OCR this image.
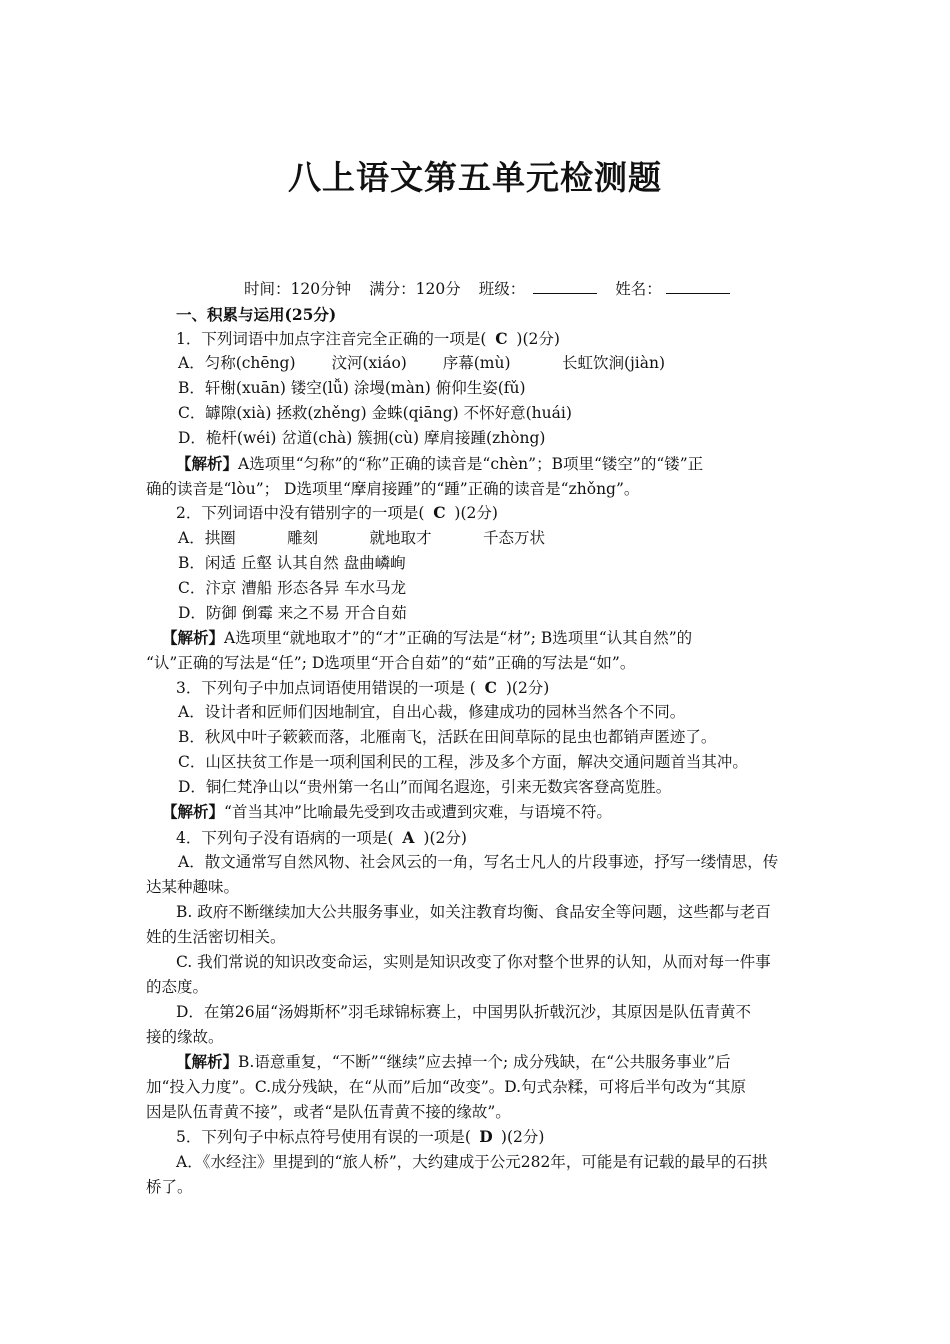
八上语文第五单元检测题
时间：120分钟 满分：120分 班级：	姓名：
一、积累与运用(25分)
1．下列词语中加点字注音完全正确的一项是( C )(2分)
A．匀称(chēng)　　 汶河(xiáo)　　 序幕(mù)　　　 长虹饮涧(jiàn)
B．轩榭(xuān) 镂空(lǚ) 涂墁(màn) 俯仰生姿(fǔ)
C．罅隙(xià) 拯救(zhěng) 金蛛(qiāng) 不怀好意(huái)
D．桅杆(wéi) 岔道(chà) 簇拥(cù) 摩肩接踵(zhòng)
【解析】A选项里“匀称”的“称”正确的读音是“chèn”；B项里“镂空”的“镂”正
确的读音是“lòu”； D选项里“摩肩接踵”的“踵”正确的读音是“zhǒng”。
2．下列词语中没有错别字的一项是( C )(2分)
A．拱圈　　　 雕刻　　　 就地取才　　　 千态万状
B．闲适 丘壑 认其自然 盘曲嶙峋
C．汴京 漕船 形态各异 车水马龙
D．防御 倒霉 来之不易 开合自茹
【解析】A选项里“就地取才”的“才”正确的写法是“材”; B选项里“认其自然”的
“认”正确的写法是“任”; D选项里“开合自茹”的“茹”正确的写法是“如”。
3．下列句子中加点词语使用错误的一项是 ( C )(2分)
A．设计者和匠师们因地制宜，自出心裁，修建成功的园林当然各个不同。
B．秋风中叶子簌簌而落，北雁南飞，活跃在田间草际的昆虫也都销声匿迹了。
C．山区扶贫工作是一项利国利民的工程，涉及多个方面，解决交通问题首当其冲。
D．铜仁梵净山以“贵州第一名山”而闻名遐迩，引来无数宾客登高览胜。
【解析】“首当其冲”比喻最先受到攻击或遭到灾难，与语境不符。
4．下列句子没有语病的一项是( A )(2分)
A．散文通常写自然风物、社会风云的一角，写名士凡人的片段事迹，抒写一缕情思，传
达某种趣味。
B. 政府不断继续加大公共服务事业，如关注教育均衡、食品安全等问题，这些都与老百
姓的生活密切相关。
C. 我们常说的知识改变命运，实则是知识改变了你对整个世界的认知，从而对每一件事
的态度。
D．在第26届“汤姆斯杯”羽毛球锦标赛上，中国男队折戟沉沙，其原因是队伍青黄不
接的缘故。
【解析】B.语意重复，“不断”“继续”应去掉一个; 成分残缺，在“公共服务事业”后
加“投入力度”。C.成分残缺，在“从而”后加“改变”。D.句式杂糅，可将后半句改为“其原
因是队伍青黄不接”，或者“是队伍青黄不接的缘故”。
5．下列句子中标点符号使用有误的一项是( D )(2分)
A．《水经注》里提到的“旅人桥”，大约建成于公元282年，可能是有记载的最早的石拱
桥了。
